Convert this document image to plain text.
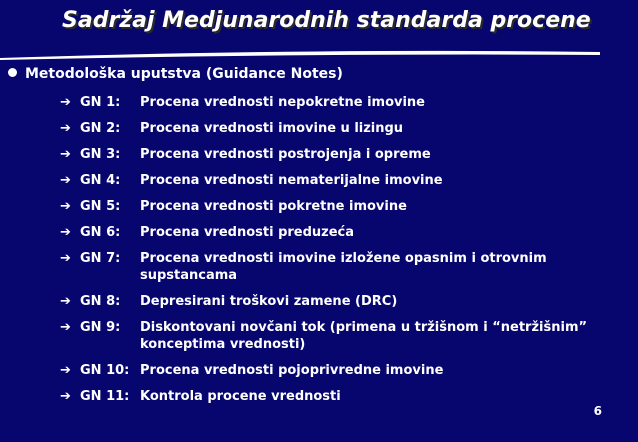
Sadržaj Medjunarodnih standarda procene
Metodološka uputstva (Guidance Notes)
➔ GN 1: Procena vrednosti nepokretne imovine
➔ GN 2: Procena vrednosti imovine u lizingu
➔ GN 3: Procena vrednosti postrojenja i opreme
➔ GN 4: Procena vrednosti nematerijalne imovine
➔ GN 5: Procena vrednosti pokretne imovine
➔ GN 6: Procena vrednosti preduzeća
➔ GN 7: Procena vrednosti imovine izložene opasnim i otrovnim
supstancama
➔ GN 8: Depresirani troškovi zamene (DRC)
➔ GN 9: Diskontovani novčani tok (primena u tržišnom i “netržišnim”
konceptima vrednosti)
➔ GN 10: Procena vrednosti pojoprivredne imovine
➔ GN 11: Kontrola procene vrednosti
6
